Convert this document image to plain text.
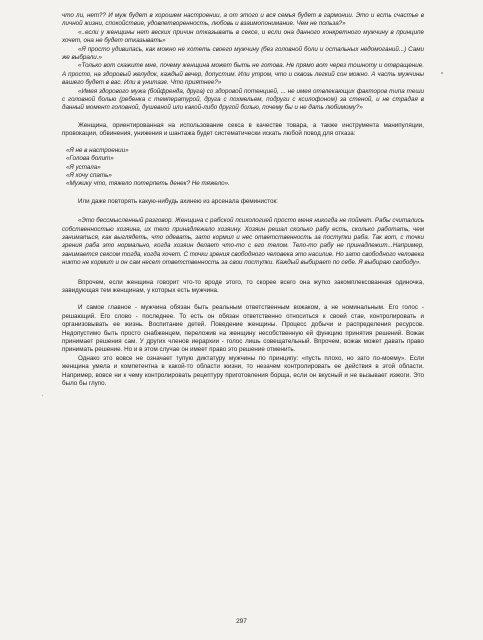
что ли, нет?? И муж будет в хорошем настроении, а от этого и вся семья будет в гармонии. Это и есть счастье в личной жизни, спокойствие, удовлетворенность, любовь и взаимопонимание. Чем не польза?»

«..если у женщины нет веских причин отказывать в сексе, и если она данного конкретного мужчину в принципе хочет, она не будет отказывать»

«Я просто удивилась, как можно не хотеть своего мужчину (без головной боли и остальных недомоганий...) Сами же выбрали.»

«Только вот скажите мне, почему женщина может быть не готова. Не прямо вот через тошноту и отвращение. А просто, на здоровый желудок, каждый вечер, допустим. Или утром, что и сквозь легкий сон можно. А часть мужчины вашего будет в вас. Или в унитазе. Что приятнее?»

«Имея здорового мужа (бойфренда, друга) со здоровой потенцией, ... не имея отвлекающих факторов типа теши с головной болью (ребенка с температурой, друга с похмельем, подруги с ксилофоном) за стеной, и не страдая в данный момент головной, душевной или какой-либо другой болью, почему бы и не дать любимому?»

Женщина, ориентированная на использование секса в качестве товара, а также инструмента манипуляции, провокации, обвинения, унижения и шантажа будет систематически искать любой повод для отказа:

«Я не в настроении»

«Голова болит»

«Я устала»

«Я хочу спать»

«Мужику что, тяжело потерпеть денек? Не тяжело».

Или даже повторять какую-нибудь ахинею из арсенала феминисток:

«Это бессмысленный разговор. Женщина с рабской психологией просто меня никогда не поймет. Рабы считались собственностью хозяина, их тело принадлежало хозяину. Хозяин решал сколько рабу есть, сколько работать, чем заниматься, как выглядеть, что одевать, зато кормил и нес ответственность за поступки раба. Так вот, с точки зрения раба это нормально, когда хозяин делает что-то с его телом. Тело-то рабу не принадлежит...Например, занимается сексом тогда, когда хочет. С точки зрения свободного человека это насилие. Но зато свободного человека никто не кормит и он сам несет ответственность за свои поступки. Каждый выбирает по себе. Я выбираю свободу».

Впрочем, если женщина говорит что-то вроде этого, то скорее всего она жутко закомплексованная одиночка, завидующая тем женщинам, у которых есть мужчина.

И самое главное - мужчина обязан быть реальным ответственным вожаком, а не номинальным. Его голос - решающий. Его слово - последнее. То есть он обязан ответственно относиться к своей стае, контролировать и организовывать ее жизнь. Воспитание детей. Поведение женщины. Процесс добычи и распределения ресурсов. Недопустимо быть просто снабженцем, переложив на женщину несобственную ей функцию принятия решений. Вожак принимает решения сам. У других членов иерархии - голос лишь совещательный. Впрочем, вожак может давать право принимать решение. Но и в этом случае он имеет право это решение отменить.

Однако это вовсе не означает тупую диктатуру мужчины по принципу: «пусть плохо, но зато по-моему». Если женщина умела и компетентна в какой-то области жизни, то незачем контролировать ее действия в этой области. Например, вовсе ни к чему контролировать рецептуру приготовления борща, если он вкусный и не вызывает изжоги. Это было бы глупо.

297
